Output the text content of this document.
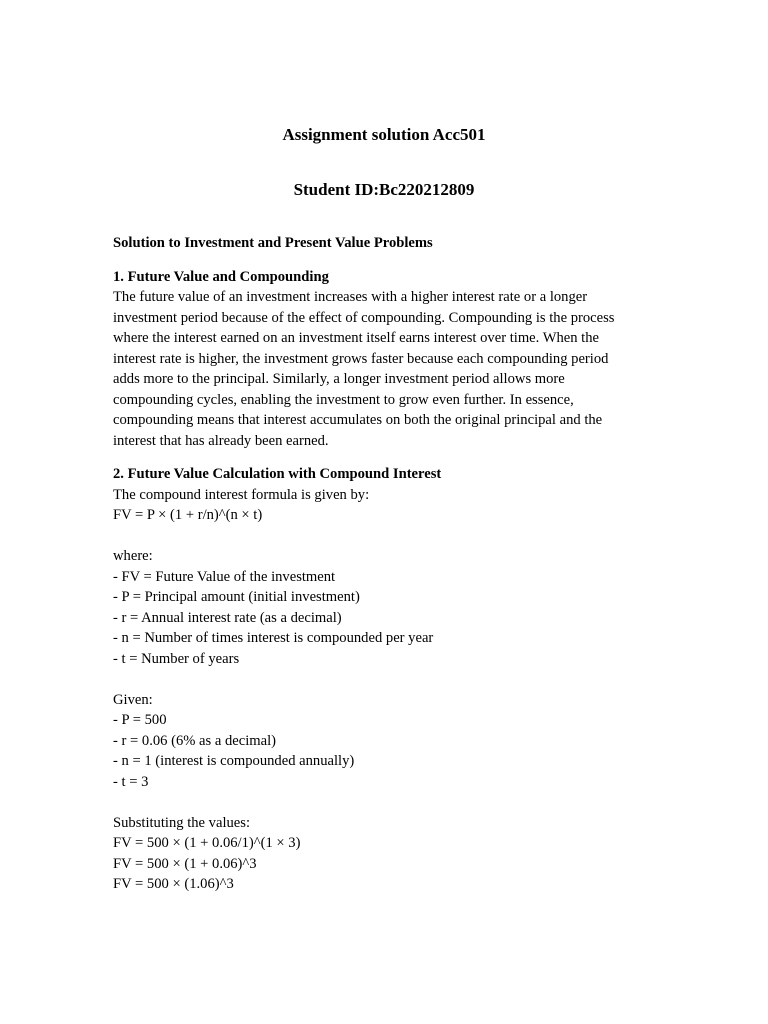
Assignment solution Acc501
Student ID:Bc220212809

Solution to Investment and Present Value Problems

1. Future Value and Compounding

The future value of an investment increases with a higher interest rate or a longer
investment period because of the effect of compounding. Compounding is the process
where the interest earned on an investment itself earns interest over time. When the
interest rate is higher, the investment grows faster because each compounding period
adds more to the principal. Similarly, a longer investment period allows more
compounding cycles, enabling the investment to grow even further. In essence,
compounding means that interest accumulates on both the original principal and the
interest that has already been earned.

2. Future Value Calculation with Compound Interest

The compound interest formula is given by:
FV = P × (1 + r/n)^(n × t)
where:
- FV = Future Value of the investment
- P = Principal amount (initial investment)
- r = Annual interest rate (as a decimal)
- n = Number of times interest is compounded per year
- t = Number of years
Given:
- P = 500
- r = 0.06 (6% as a decimal)
- n = 1 (interest is compounded annually)
- t = 3
Substituting the values:
FV = 500 × (1 + 0.06/1)^(1 × 3)
FV = 500 × (1 + 0.06)^3
FV = 500 × (1.06)^3
